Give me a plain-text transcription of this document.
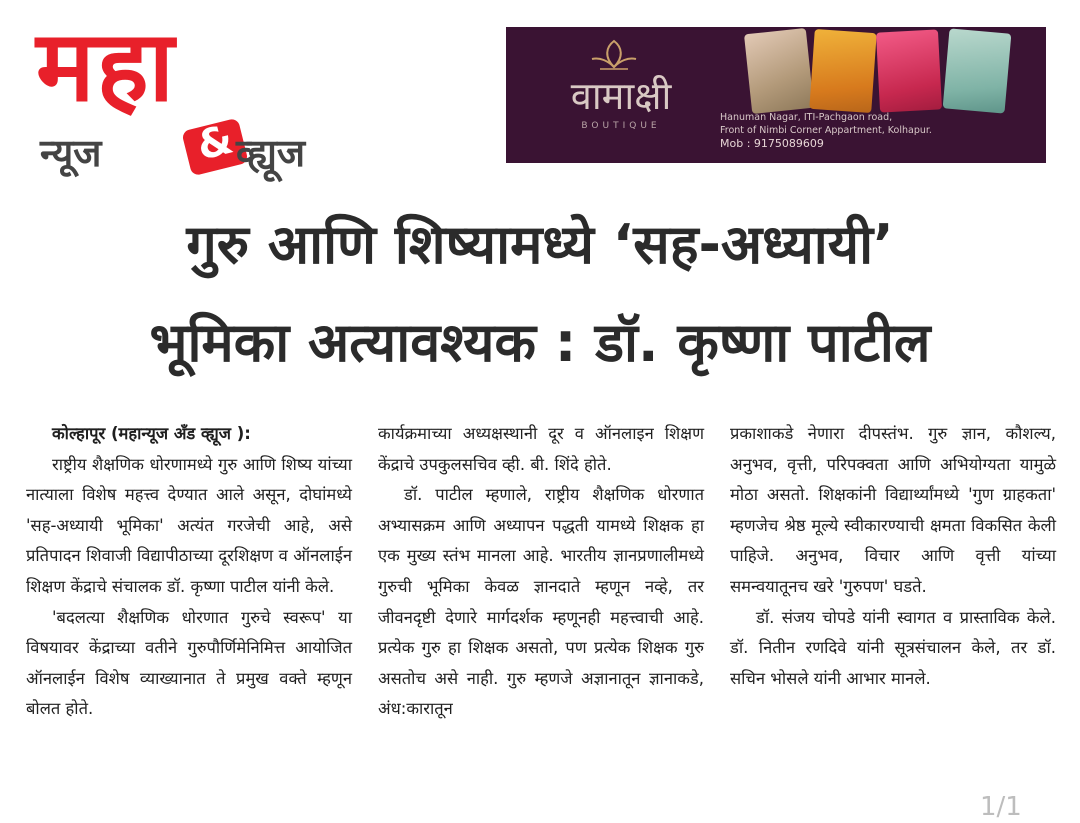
महा
न्यूज &
व्ह्यूज
वामाक्षी
BOUTIQUE
Hanuman Nagar, ITI-Pachgaon road,
Front of Nimbi Corner Appartment, Kolhapur.
Mob : 9175089609
गुरु आणि शिष्यामध्ये ‘सह-अध्यायी’
भूमिका अत्यावश्यक : डॉ. कृष्णा पाटील

कोल्हापूर (महान्यूज अँड व्ह्यूज ):

राष्ट्रीय शैक्षणिक धोरणामध्ये गुरु आणि शिष्य यांच्या नात्याला विशेष महत्त्व देण्यात आले असून, दोघांमध्ये 'सह-अध्यायी भूमिका' अत्यंत गरजेची आहे, असे प्रतिपादन शिवाजी विद्यापीठाच्या दूरशिक्षण व ऑनलाईन शिक्षण केंद्राचे संचालक डॉ. कृष्णा पाटील यांनी केले.

'बदलत्या शैक्षणिक धोरणात गुरुचे स्वरूप' या विषयावर केंद्राच्या वतीने गुरुपौर्णिमेनिमित्त आयोजित ऑनलाईन विशेष व्याख्यानात ते प्रमुख वक्ते म्हणून बोलत होते.

कार्यक्रमाच्या अध्यक्षस्थानी दूर व ऑनलाइन शिक्षण केंद्राचे उपकुलसचिव व्ही. बी. शिंदे होते.

डॉ. पाटील म्हणाले, राष्ट्रीय शैक्षणिक धोरणात अभ्यासक्रम आणि अध्यापन पद्धती यामध्ये शिक्षक हा एक मुख्य स्तंभ मानला आहे. भारतीय ज्ञानप्रणालीमध्ये गुरुची भूमिका केवळ ज्ञानदाते म्हणून नव्हे, तर जीवनदृष्टी देणारे मार्गदर्शक म्हणूनही महत्त्वाची आहे. प्रत्येक गुरु हा शिक्षक असतो, पण प्रत्येक शिक्षक गुरु असतोच असे नाही. गुरु म्हणजे अज्ञानातून ज्ञानाकडे, अंध:कारातून

प्रकाशाकडे नेणारा दीपस्तंभ. गुरु ज्ञान, कौशल्य, अनुभव, वृत्ती, परिपक्वता आणि अभियोग्यता यामुळे मोठा असतो. शिक्षकांनी विद्यार्थ्यांमध्ये 'गुण ग्राहकता' म्हणजेच श्रेष्ठ मूल्ये स्वीकारण्याची क्षमता विकसित केली पाहिजे. अनुभव, विचार आणि वृत्ती यांच्या समन्वयातूनच खरे 'गुरुपण' घडते.

डॉ. संजय चोपडे यांनी स्वागत व प्रास्ताविक केले. डॉ. नितीन रणदिवे यांनी सूत्रसंचालन केले, तर डॉ. सचिन भोसले यांनी आभार मानले.

1/1
